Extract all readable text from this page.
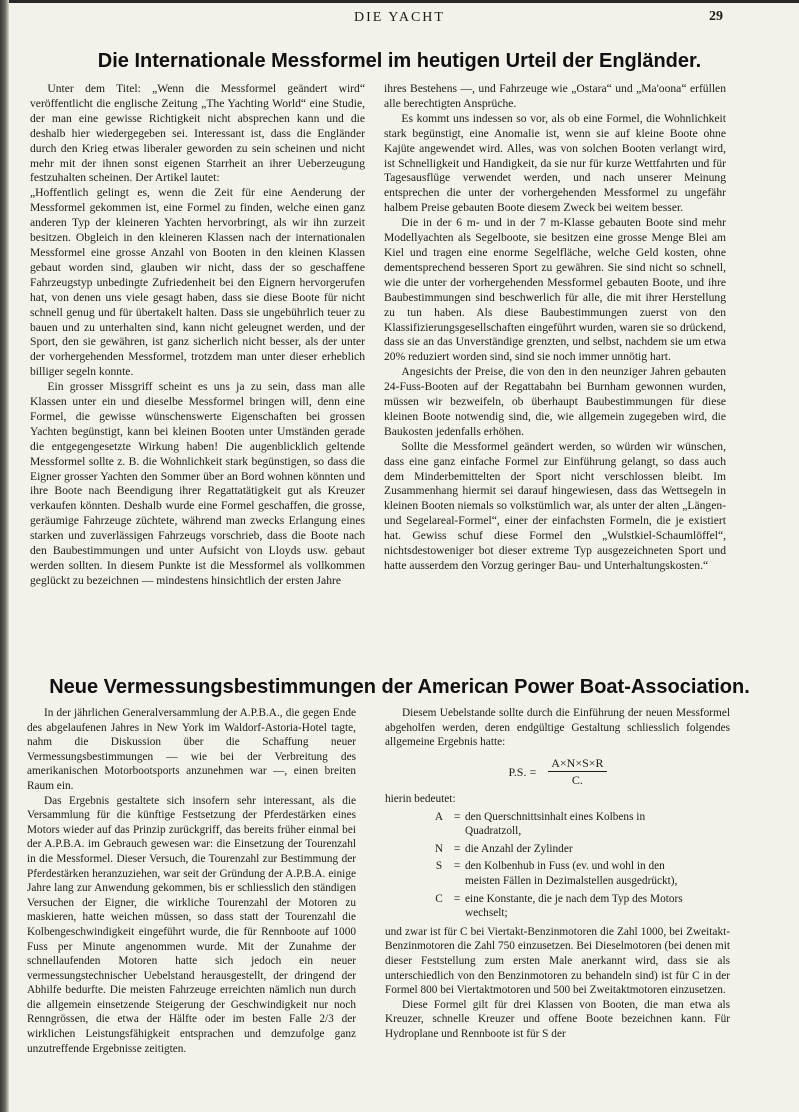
DIE YACHT	29
Die Internationale Messformel im heutigen Urteil der Engländer.

Unter dem Titel: „Wenn die Messformel geändert wird“ veröffentlicht die englische Zeitung „The Yachting World“ eine Studie, der man eine gewisse Richtigkeit nicht absprechen kann und die deshalb hier wiedergegeben sei. Interessant ist, dass die Engländer durch den Krieg etwas liberaler geworden zu sein scheinen und nicht mehr mit der ihnen sonst eigenen Starrheit an ihrer Ueberzeugung festzuhalten scheinen. Der Artikel lautet:

„Hoffentlich gelingt es, wenn die Zeit für eine Aenderung der Messformel gekommen ist, eine Formel zu finden, welche einen ganz anderen Typ der kleineren Yachten hervorbringt, als wir ihn zurzeit besitzen. Obgleich in den kleineren Klassen nach der internationalen Messformel eine grosse Anzahl von Booten in den kleinen Klassen gebaut worden sind, glauben wir nicht, dass der so geschaffene Fahrzeugstyp unbedingte Zufriedenheit bei den Eignern hervorgerufen hat, von denen uns viele gesagt haben, dass sie diese Boote für nicht schnell genug und für übertakelt halten. Dass sie ungebührlich teuer zu bauen und zu unterhalten sind, kann nicht geleugnet werden, und der Sport, den sie gewähren, ist ganz sicherlich nicht besser, als der unter der vorhergehenden Messformel, trotzdem man unter dieser erheblich billiger segeln konnte.

Ein grosser Missgriff scheint es uns ja zu sein, dass man alle Klassen unter ein und dieselbe Messformel bringen will, denn eine Formel, die gewisse wünschenswerte Eigenschaften bei grossen Yachten begünstigt, kann bei kleinen Booten unter Umständen gerade die entgegengesetzte Wirkung haben! Die augenblicklich geltende Messformel sollte z. B. die Wohnlichkeit stark begünstigen, so dass die Eigner grosser Yachten den Sommer über an Bord wohnen könnten und ihre Boote nach Beendigung ihrer Regattatätigkeit gut als Kreuzer verkaufen könnten. Deshalb wurde eine Formel geschaffen, die grosse, geräumige Fahrzeuge züchtete, während man zwecks Erlangung eines starken und zuverlässigen Fahrzeugs vorschrieb, dass die Boote nach den Baubestimmungen und unter Aufsicht von Lloyds usw. gebaut werden sollten. In diesem Punkte ist die Messformel als vollkommen geglückt zu bezeichnen — mindestens hinsichtlich der ersten Jahre

ihres Bestehens —, und Fahrzeuge wie „Ostara“ und „Ma'oona“ erfüllen alle berechtigten Ansprüche.

Es kommt uns indessen so vor, als ob eine Formel, die Wohnlichkeit stark begünstigt, eine Anomalie ist, wenn sie auf kleine Boote ohne Kajüte angewendet wird. Alles, was von solchen Booten verlangt wird, ist Schnelligkeit und Handigkeit, da sie nur für kurze Wettfahrten und für Tagesausflüge verwendet werden, und nach unserer Meinung entsprechen die unter der vorhergehenden Messformel zu ungefähr halbem Preise gebauten Boote diesem Zweck bei weitem besser.

Die in der 6 m- und in der 7 m-Klasse gebauten Boote sind mehr Modellyachten als Segelboote, sie besitzen eine grosse Menge Blei am Kiel und tragen eine enorme Segelfläche, welche Geld kosten, ohne dementsprechend besseren Sport zu gewähren. Sie sind nicht so schnell, wie die unter der vorhergehenden Messformel gebauten Boote, und ihre Baubestimmungen sind beschwerlich für alle, die mit ihrer Herstellung zu tun haben. Als diese Baubestimmungen zuerst von den Klassifizierungsgesellschaften eingeführt wurden, waren sie so drückend, dass sie an das Unverständige grenzten, und selbst, nachdem sie um etwa 20% reduziert worden sind, sind sie noch immer unnötig hart.

Angesichts der Preise, die von den in den neunziger Jahren gebauten 24-Fuss-Booten auf der Regattabahn bei Burnham gewonnen wurden, müssen wir bezweifeln, ob überhaupt Baubestimmungen für diese kleinen Boote notwendig sind, die, wie allgemein zugegeben wird, die Baukosten jedenfalls erhöhen.

Sollte die Messformel geändert werden, so würden wir wünschen, dass eine ganz einfache Formel zur Einführung gelangt, so dass auch dem Minderbemittelten der Sport nicht verschlossen bleibt. Im Zusammenhang hiermit sei darauf hingewiesen, dass das Wettsegeln in kleinen Booten niemals so volkstümlich war, als unter der alten „Längen- und Segelareal-Formel“, einer der einfachsten Formeln, die je existiert hat. Gewiss schuf diese Formel den „Wulstkiel-Schaumlöffel“, nichtsdestoweniger bot dieser extreme Typ ausgezeichneten Sport und hatte ausserdem den Vorzug geringer Bau- und Unterhaltungskosten.“

Neue Vermessungsbestimmungen der American Power Boat-Association.

In der jährlichen Generalversammlung der A.P.B.A., die gegen Ende des abgelaufenen Jahres in New York im Waldorf-Astoria-Hotel tagte, nahm die Diskussion über die Schaffung neuer Vermessungsbestimmungen — wie bei der Verbreitung des amerikanischen Motorbootsports anzunehmen war —, einen breiten Raum ein.

Das Ergebnis gestaltete sich insofern sehr interessant, als die Versammlung für die künftige Festsetzung der Pferdestärken eines Motors wieder auf das Prinzip zurückgriff, das bereits früher einmal bei der A.P.B.A. im Gebrauch gewesen war: die Einsetzung der Tourenzahl in die Messformel. Dieser Versuch, die Tourenzahl zur Bestimmung der Pferdestärken heranzuziehen, war seit der Gründung der A.P.B.A. einige Jahre lang zur Anwendung gekommen, bis er schliesslich den ständigen Versuchen der Eigner, die wirkliche Tourenzahl der Motoren zu maskieren, hatte weichen müssen, so dass statt der Tourenzahl die Kolbengeschwindigkeit eingeführt wurde, die für Rennboote auf 1000 Fuss per Minute angenommen wurde. Mit der Zunahme der schnellaufenden Motoren hatte sich jedoch ein neuer vermessungstechnischer Uebelstand herausgestellt, der dringend der Abhilfe bedurfte. Die meisten Fahrzeuge erreichten nämlich nun durch die allgemein einsetzende Steigerung der Geschwindigkeit nur noch Renngrössen, die etwa der Hälfte oder im besten Falle 2/3 der wirklichen Leistungsfähigkeit entsprachen und demzufolge ganz unzutreffende Ergebnisse zeitigten.

Diesem Uebelstande sollte durch die Einführung der neuen Messformel abgeholfen werden, deren endgültige Gestaltung schliesslich folgendes allgemeine Ergebnis hatte:

P.S. = $\frac{A\times N\times S\times R}{C.}$

hierin bedeutet:

A = den Querschnittsinhalt eines Kolbens in Quadratzoll,
N = die Anzahl der Zylinder
S	= den Kolbenhub in Fuss (ev. und wohl in den meisten Fällen in Dezimalstellen ausgedrückt),
C = eine Konstante, die je nach dem Typ des Motors wechselt;

und zwar ist für C bei Viertakt-Benzinmotoren die Zahl 1000, bei Zweitakt-Benzinmotoren die Zahl 750 einzusetzen. Bei Dieselmotoren (bei denen mit dieser Feststellung zum ersten Male anerkannt wird, dass sie als unterschiedlich von den Benzinmotoren zu behandeln sind) ist für C in der Formel 800 bei Viertaktmotoren und 500 bei Zweitaktmotoren einzusetzen.

Diese Formel gilt für drei Klassen von Booten, die man etwa als Kreuzer, schnelle Kreuzer und offene Boote bezeichnen kann. Für Hydroplane und Rennboote ist für S der
